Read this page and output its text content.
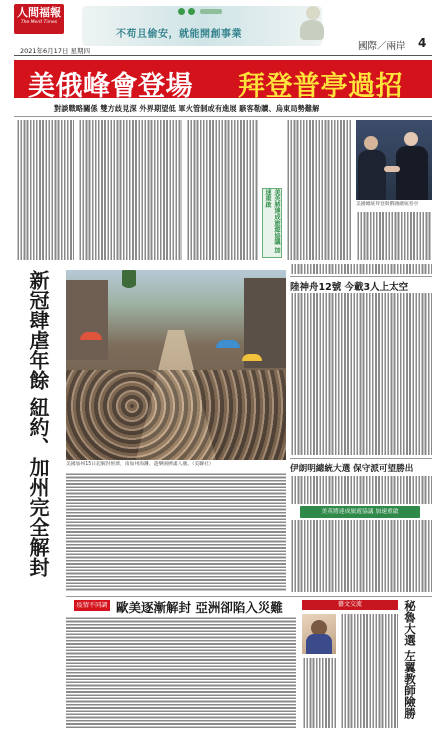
人間福報
The Merit Times
不苟且偷安，就能開創事業
2021年6月17日 星期四	國際／兩岸 4
美俄峰會登場 拜登普亭過招
對談戰略關係 雙方歧見深 外界期望低 軍火管制或有進展 駭客勒贖、烏東局勢難解
美英將達成旅遊協議 加速重啟	美國總統拜登與俄國總統普亭
新冠肆虐年餘 紐約、加州完全解封	美國加州15日起解封經濟，南加州海灘、遊樂園擠滿人潮。（美聯社）
陸神舟12號 今載3人上太空
伊朗明總統大選 保守派可望勝出
美英將達成旅遊協議 加速重啟
疫情不同調 歐美逐漸解封 亞洲卻陷入災難	藝文交流	秘魯大選 左翼教師險勝
